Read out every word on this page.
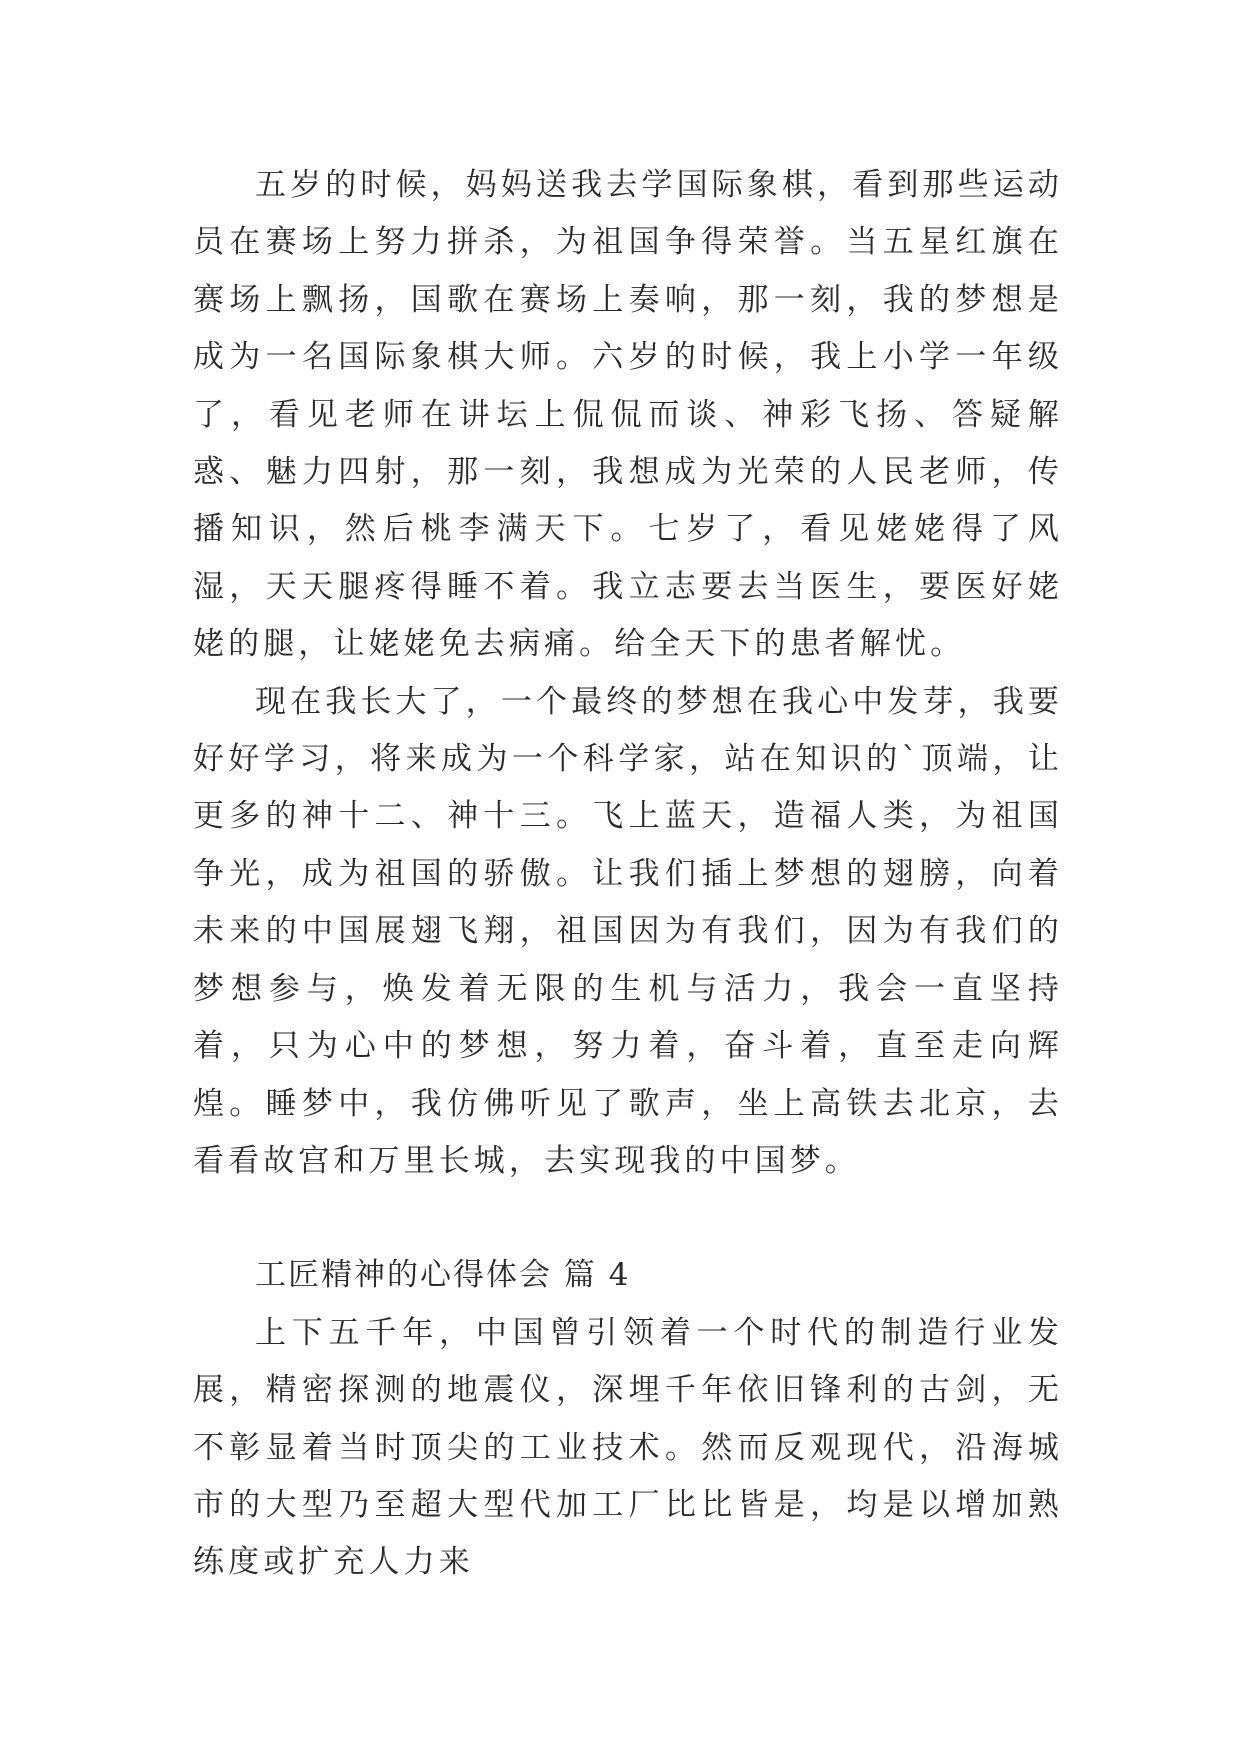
五岁的时候，妈妈送我去学国际象棋，看到那些运动员在赛场上努力拼杀，为祖国争得荣誉。当五星红旗在赛场上飘扬，国歌在赛场上奏响，那一刻，我的梦想是成为一名国际象棋大师。六岁的时候，我上小学一年级了，看见老师在讲坛上侃侃而谈、神彩飞扬、答疑解惑、魅力四射，那一刻，我想成为光荣的人民老师，传播知识，然后桃李满天下。七岁了，看见姥姥得了风湿，天天腿疼得睡不着。我立志要去当医生，要医好姥姥的腿，让姥姥免去病痛。给全天下的患者解忧。

现在我长大了，一个最终的梦想在我心中发芽，我要好好学习，将来成为一个科学家，站在知识的`顶端，让更多的神十二、神十三。飞上蓝天，造福人类，为祖国争光，成为祖国的骄傲。让我们插上梦想的翅膀，向着未来的中国展翅飞翔，祖国因为有我们，因为有我们的梦想参与，焕发着无限的生机与活力，我会一直坚持着，只为心中的梦想，努力着，奋斗着，直至走向辉煌。睡梦中，我仿佛听见了歌声，坐上高铁去北京，去看看故宫和万里长城，去实现我的中国梦。

工匠精神的心得体会 篇 4

上下五千年，中国曾引领着一个时代的制造行业发展，精密探测的地震仪，深埋千年依旧锋利的古剑，无不彰显着当时顶尖的工业技术。然而反观现代，沿海城市的大型乃至超大型代加工厂比比皆是，均是以增加熟练度或扩充人力来
